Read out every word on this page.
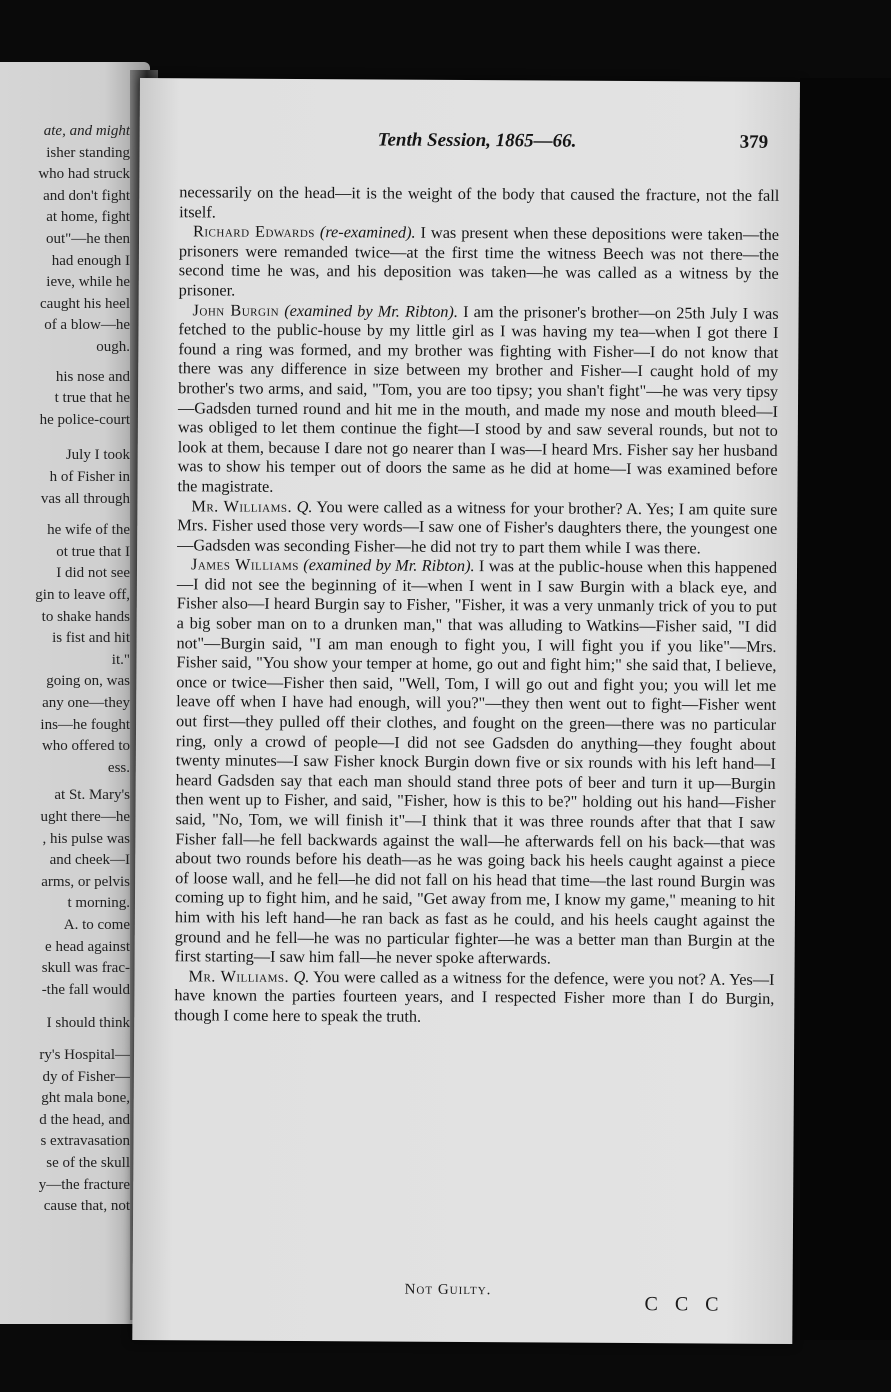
ate, and might
isher standing
who had struck
and don't fight
at home, fight
out"—he then
had enough I
ieve, while he
caught his heel
of a blow—he
ough.
his nose and
t true that he
he police-court
July I took
h of Fisher in
vas all through
he wife of the
ot true that I
I did not see
gin to leave off,
to shake hands
is fist and hit
it."
going on, was
any one—they
ins—he fought
who offered to
ess.
at St. Mary's
ught there—he
, his pulse was
and cheek—I
arms, or pelvis
t morning.
A. to come
e head against
skull was frac-
-the fall would
I should think
ry's Hospital—
dy of Fisher—
ght mala bone,
d the head, and
s extravasation
se of the skull
y—the fracture
cause that, not
Tenth Session, 1865—66.	379

necessarily on the head—it is the weight of the body that caused the fracture, not the fall itself.

Richard Edwards (re-examined). I was present when these depositions were taken—the prisoners were remanded twice—at the first time the witness Beech was not there—the second time he was, and his deposition was taken—he was called as a witness by the prisoner.

John Burgin (examined by Mr. Ribton). I am the prisoner's brother—on 25th July I was fetched to the public-house by my little girl as I was having my tea—when I got there I found a ring was formed, and my brother was fighting with Fisher—I do not know that there was any difference in size between my brother and Fisher—I caught hold of my brother's two arms, and said, "Tom, you are too tipsy; you shan't fight"—he was very tipsy—Gadsden turned round and hit me in the mouth, and made my nose and mouth bleed—I was obliged to let them continue the fight—I stood by and saw several rounds, but not to look at them, because I dare not go nearer than I was—I heard Mrs. Fisher say her husband was to show his temper out of doors the same as he did at home—I was examined before the magistrate.

Mr. Williams. Q. You were called as a witness for your brother? A. Yes; I am quite sure Mrs. Fisher used those very words—I saw one of Fisher's daughters there, the youngest one—Gadsden was seconding Fisher—he did not try to part them while I was there.

James Williams (examined by Mr. Ribton). I was at the public-house when this happened—I did not see the beginning of it—when I went in I saw Burgin with a black eye, and Fisher also—I heard Burgin say to Fisher, "Fisher, it was a very unmanly trick of you to put a big sober man on to a drunken man," that was alluding to Watkins—Fisher said, "I did not"—Burgin said, "I am man enough to fight you, I will fight you if you like"—Mrs. Fisher said, "You show your temper at home, go out and fight him;" she said that, I believe, once or twice—Fisher then said, "Well, Tom, I will go out and fight you; you will let me leave off when I have had enough, will you?"—they then went out to fight—Fisher went out first—they pulled off their clothes, and fought on the green—there was no particular ring, only a crowd of people—I did not see Gadsden do anything—they fought about twenty minutes—I saw Fisher knock Burgin down five or six rounds with his left hand—I heard Gadsden say that each man should stand three pots of beer and turn it up—Burgin then went up to Fisher, and said, "Fisher, how is this to be?" holding out his hand—Fisher said, "No, Tom, we will finish it"—I think that it was three rounds after that that I saw Fisher fall—he fell backwards against the wall—he afterwards fell on his back—that was about two rounds before his death—as he was going back his heels caught against a piece of loose wall, and he fell—he did not fall on his head that time—the last round Burgin was coming up to fight him, and he said, "Get away from me, I know my game," meaning to hit him with his left hand—he ran back as fast as he could, and his heels caught against the ground and he fell—he was no particular fighter—he was a better man than Burgin at the first starting—I saw him fall—he never spoke afterwards.

Mr. Williams. Q. You were called as a witness for the defence, were you not? A. Yes—I have known the parties fourteen years, and I respected Fisher more than I do Burgin, though I come here to speak the truth.

Not Guilty.
C C C
